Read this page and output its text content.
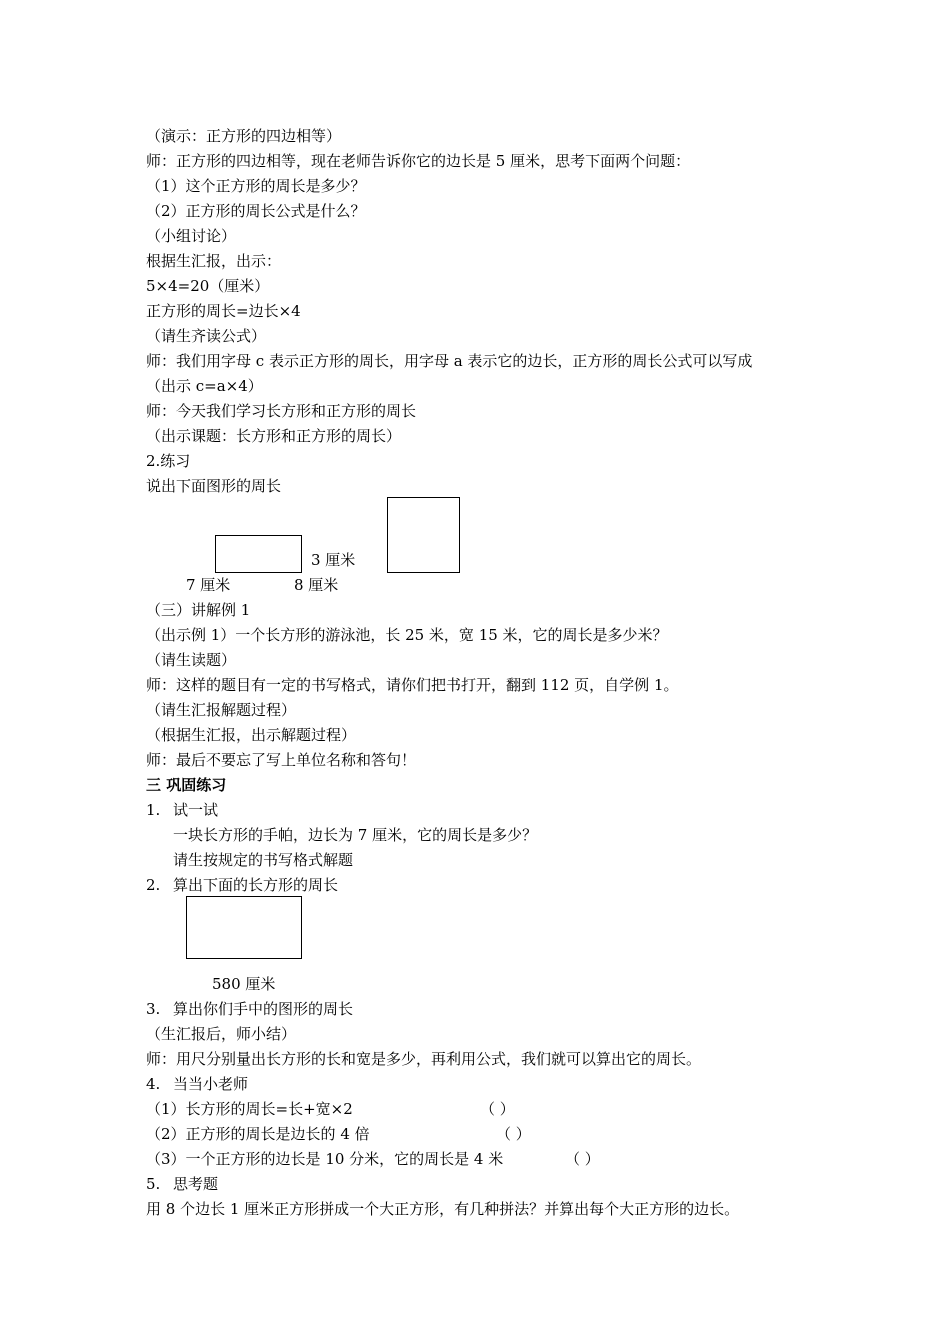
（演示：正方形的四边相等）
师：正方形的四边相等，现在老师告诉你它的边长是 5 厘米，思考下面两个问题：
（1）这个正方形的周长是多少？
（2）正方形的周长公式是什么？
（小组讨论）
根据生汇报，出示：
5×4=20（厘米）
正方形的周长=边长×4
（请生齐读公式）
师：我们用字母 c 表示正方形的周长，用字母 a 表示它的边长，正方形的周长公式可以写成
（出示 c=a×4）
师：今天我们学习长方形和正方形的周长
（出示课题：长方形和正方形的周长）
2.练习
说出下面图形的周长
3 厘米
7 厘米	8 厘米
（三）讲解例 1
（出示例 1）一个长方形的游泳池，长 25 米，宽 15 米，它的周长是多少米？
（请生读题）
师：这样的题目有一定的书写格式，请你们把书打开，翻到 112 页，自学例 1。
（请生汇报解题过程）
（根据生汇报，出示解题过程）
师：最后不要忘了写上单位名称和答句！
三 巩固练习
1. 试一试
一块长方形的手帕，边长为 7 厘米，它的周长是多少？
请生按规定的书写格式解题
2. 算出下面的长方形的周长
580 厘米
3. 算出你们手中的图形的周长
（生汇报后，师小结）
师：用尺分别量出长方形的长和宽是多少，再利用公式，我们就可以算出它的周长。
4. 当当小老师
（1）长方形的周长=长+宽×2	（ ）
（2）正方形的周长是边长的 4 倍	（ ）
（3）一个正方形的边长是 10 分米，它的周长是 4 米	（ ）
5. 思考题
用 8 个边长 1 厘米正方形拼成一个大正方形，有几种拼法？并算出每个大正方形的边长。
